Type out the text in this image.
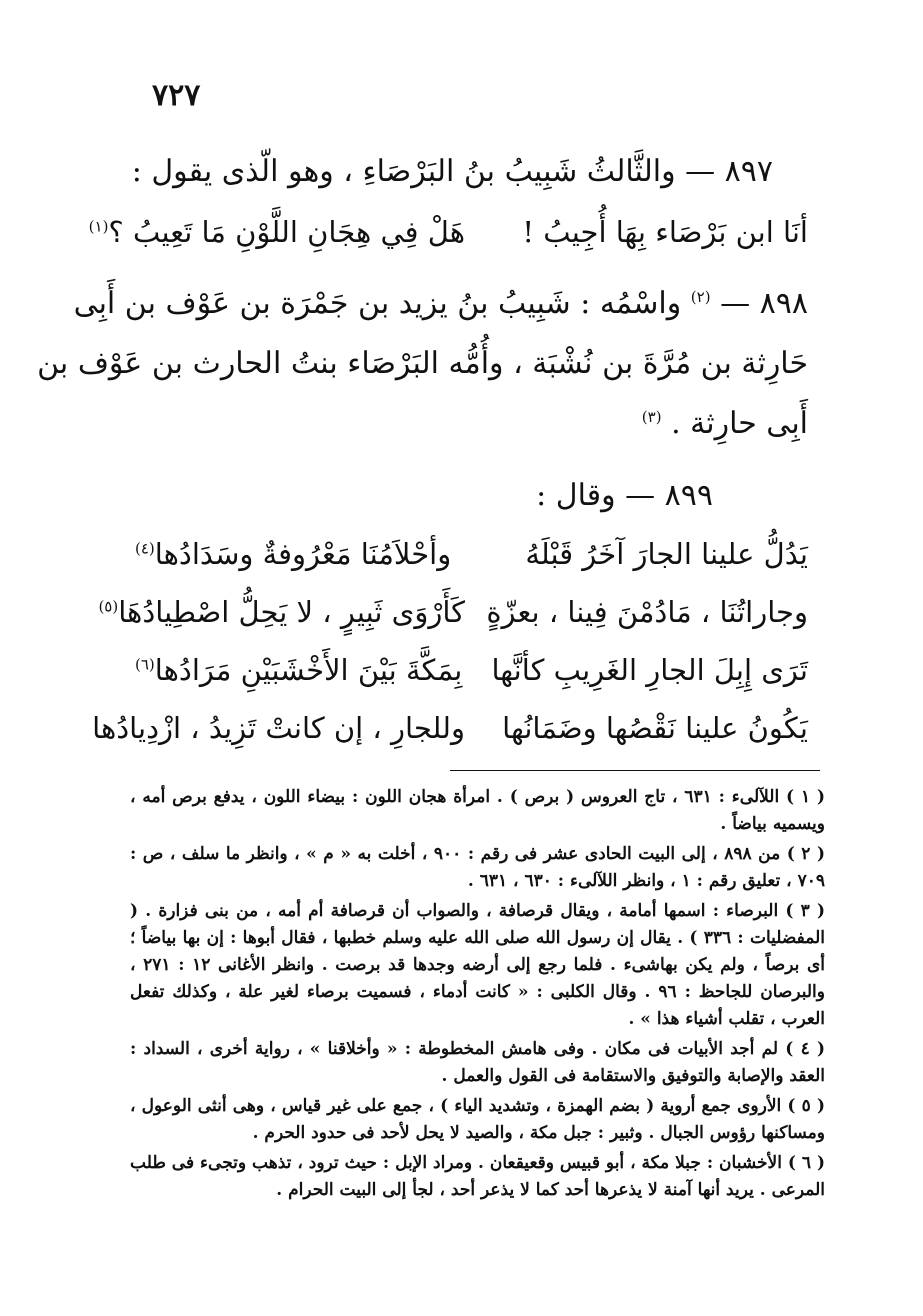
٧٢٧
٨٩٧ — والثَّالثُ شَبِيبُ بنُ البَرْصَاءِ ، وهو الّذى يقول :
أنَا ابن بَرْصَاء بِهَا أُجِيبُ !
هَلْ فِي هِجَانِ اللَّوْنِ مَا تَعِيبُ ؟$^{(١)}$
٨٩٨ — $^{(٢)}$ واسْمُه : شَبِيبُ بنُ يزيد بن جَمْرَة بن عَوْف بن أَبِى
حَارِثة بن مُرَّةَ بن نُشْبَة ، وأُمُّه البَرْصَاء بنتُ الحارث بن عَوْف بن
أَبِى حارِثة . $^{(٣)}$
٨٩٩ — وقال :
يَدُلُّ علينا الجارَ آخَرُ قَبْلَهُ
وأحْلاَمُنَا مَعْرُوفةٌ وسَدَادُها$^{(٤)}$
وجاراتُنَا ، مَادُمْنَ فِينا ، بعزّةٍ
كَأَرْوَى ثَبِيرٍ ، لا يَحِلُّ اصْطِيادُهَا$^{(٥)}$
تَرَى إِبِلَ الجارِ الغَرِيبِ كأنَّها
بِمَكَّةَ بَيْنَ الأَخْشَبَيْنِ مَرَادُها$^{(٦)}$
يَكُونُ علينا نَقْصُها وضَمَانُها
وللجارِ ، إن كانتْ تَزِيدُ ، ازْدِيادُها

( ١ ) اللآلىء : ٦٣١ ، تاج العروس ( برص ) . امرأة هجان اللون : بيضاء اللون ، يدفع برص أمه ، ويسميه بياضاً .

( ٢ ) من ٨٩٨ ، إلى البيت الحادى عشر فى رقم : ٩٠٠ ، أخلت به « م » ، وانظر ما سلف ، ص : ٧٠٩ ، تعليق رقم : ١ ، وانظر اللآلىء : ٦٣٠ ، ٦٣١ .

( ٣ ) البرصاء : اسمها أمامة ، ويقال قرصافة ، والصواب أن قرصافة أم أمه ، من بنى فزارة . ( المفضليات : ٣٣٦ ) . يقال إن رسول الله صلى الله عليه وسلم خطبها ، فقال أبوها : إن بها بياضاً ؛ أى برصاً ، ولم يكن بهاشىء . فلما رجع إلى أرضه وجدها قد برصت . وانظر الأغانى ١٢ : ٢٧١ ، والبرصان للجاحظ : ٩٦ . وقال الكلبى : « كانت أدماء ، فسميت برصاء لغير علة ، وكذلك تفعل العرب ، تقلب أشياء هذا » .

( ٤ ) لم أجد الأبيات فى مكان . وفى هامش المخطوطة : « وأخلاقنا » ، رواية أخرى ، السداد : العقد والإصابة والتوفيق والاستقامة فى القول والعمل .

( ٥ ) الأروى جمع أروية ( بضم الهمزة ، وتشديد الياء ) ، جمع على غير قياس ، وهى أنثى الوعول ، ومساكنها رؤوس الجبال . وثبير : جبل مكة ، والصيد لا يحل لأحد فى حدود الحرم .

( ٦ ) الأخشبان : جبلا مكة ، أبو قبيس وقعيقعان . ومراد الإبل : حيث ترود ، تذهب وتجىء فى طلب المرعى . يريد أنها آمنة لا يذعرها أحد كما لا يذعر أحد ، لجأ إلى البيت الحرام .
